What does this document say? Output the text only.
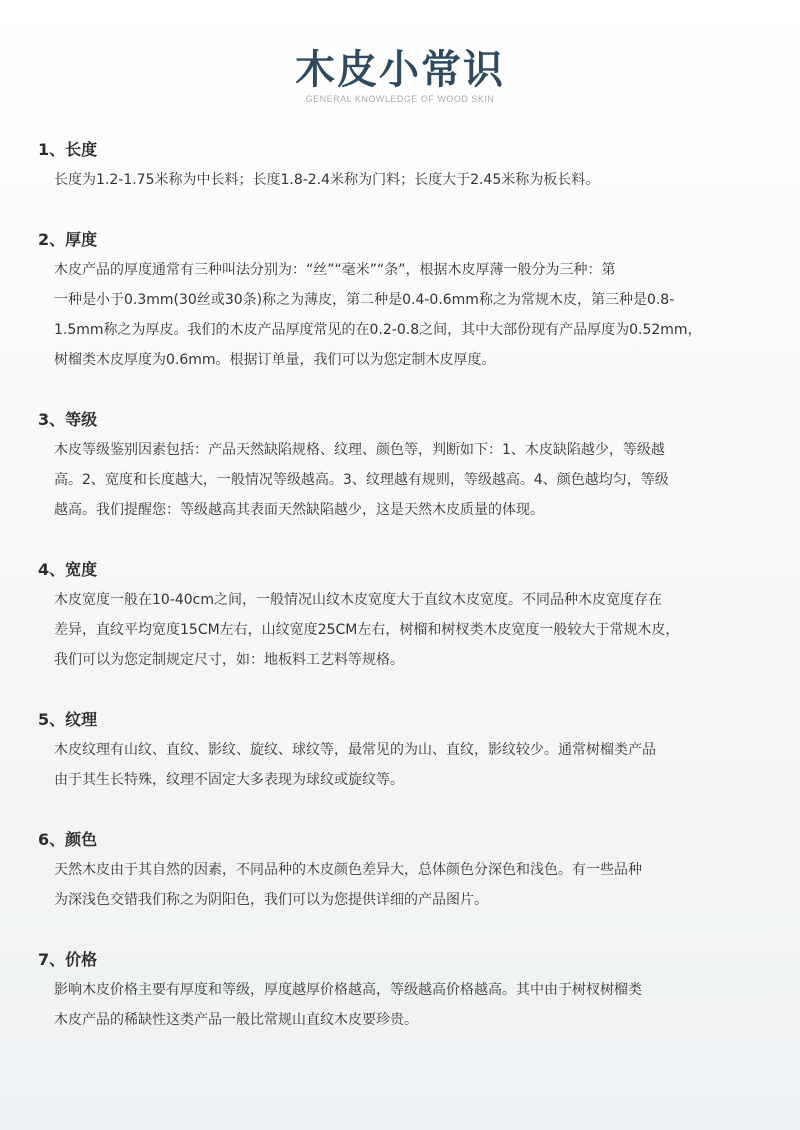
木皮小常识
GENERAL KNOWLEDGE OF WOOD SKIN
1、长度
长度为1.2-1.75米称为中长料；长度1.8-2.4米称为门料；长度大于2.45米称为板长料。
2、厚度
木皮产品的厚度通常有三种叫法分别为：“丝”“毫米”“条”，根据木皮厚薄一般分为三种：第
一种是小于0.3mm(30丝或30条)称之为薄皮，第二种是0.4-0.6mm称之为常规木皮，第三种是0.8-
1.5mm称之为厚皮。我们的木皮产品厚度常见的在0.2-0.8之间，其中大部份现有产品厚度为0.52mm，
树榴类木皮厚度为0.6mm。根据订单量，我们可以为您定制木皮厚度。
3、等级
木皮等级鉴别因素包括：产品天然缺陷规格、纹理、颜色等，判断如下：1、木皮缺陷越少，等级越
高。2、宽度和长度越大，一般情况等级越高。3、纹理越有规则，等级越高。4、颜色越均匀，等级
越高。我们提醒您：等级越高其表面天然缺陷越少，这是天然木皮质量的体现。
4、宽度
木皮宽度一般在10-40cm之间，一般情况山纹木皮宽度大于直纹木皮宽度。不同品种木皮宽度存在
差异，直纹平均宽度15CM左右，山纹宽度25CM左右，树榴和树杈类木皮宽度一般较大于常规木皮，
我们可以为您定制规定尺寸，如：地板料工艺料等规格。
5、纹理
木皮纹理有山纹、直纹、影纹、旋纹、球纹等，最常见的为山、直纹，影纹较少。通常树榴类产品
由于其生长特殊，纹理不固定大多表现为球纹或旋纹等。
6、颜色
天然木皮由于其自然的因素，不同品种的木皮颜色差异大，总体颜色分深色和浅色。有一些品种
为深浅色交错我们称之为阴阳色，我们可以为您提供详细的产品图片。
7、价格
影响木皮价格主要有厚度和等级，厚度越厚价格越高，等级越高价格越高。其中由于树杈树榴类
木皮产品的稀缺性这类产品一般比常规山直纹木皮要珍贵。
